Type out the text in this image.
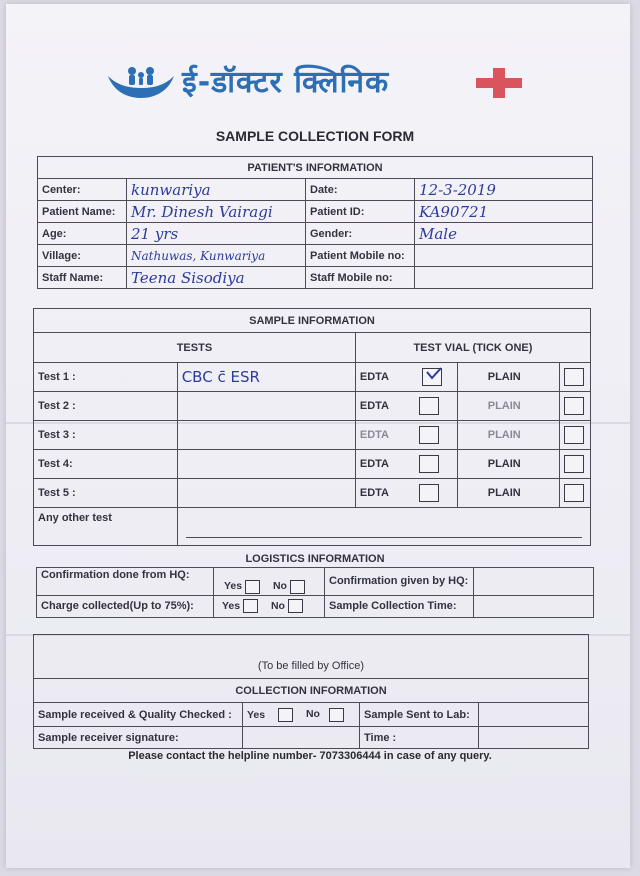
ई-डॉक्टर क्लिनिक
SAMPLE COLLECTION FORM
PATIENT'S INFORMATION			
Center:	kunwariya	Date:	12-3-2019
Patient Name:	Mr. Dinesh Vairagi	Patient ID:	KA90721
Age:	21 yrs	Gender:	Male
Village:	Nathuwas, Kunwariya	Patient Mobile no:	
Staff Name:	Teena Sisodiya	Staff Mobile no:	
SAMPLE INFORMATION				
TESTS		TEST VIAL (TICK ONE)		
Test 1 :	CBC c̄ ESR	EDTA	PLAIN	
Test 2 :		EDTA	PLAIN	
Test 3 :		EDTA	PLAIN	
Test 4:		EDTA	PLAIN	
Test 5 :		EDTA	PLAIN	
Any other test				
LOGISTICS INFORMATION			
Confirmation done from HQ:	Yes No	Confirmation given by HQ:	
Charge collected(Up to 75%):	Yes No	Sample Collection Time:	
(To be filled by Office)			
COLLECTION INFORMATION			
Sample received & Quality Checked :	Yes No	Sample Sent to Lab:	
Sample receiver signature:		Time :	
Please contact the helpline number- 7073306444 in case of any query.
